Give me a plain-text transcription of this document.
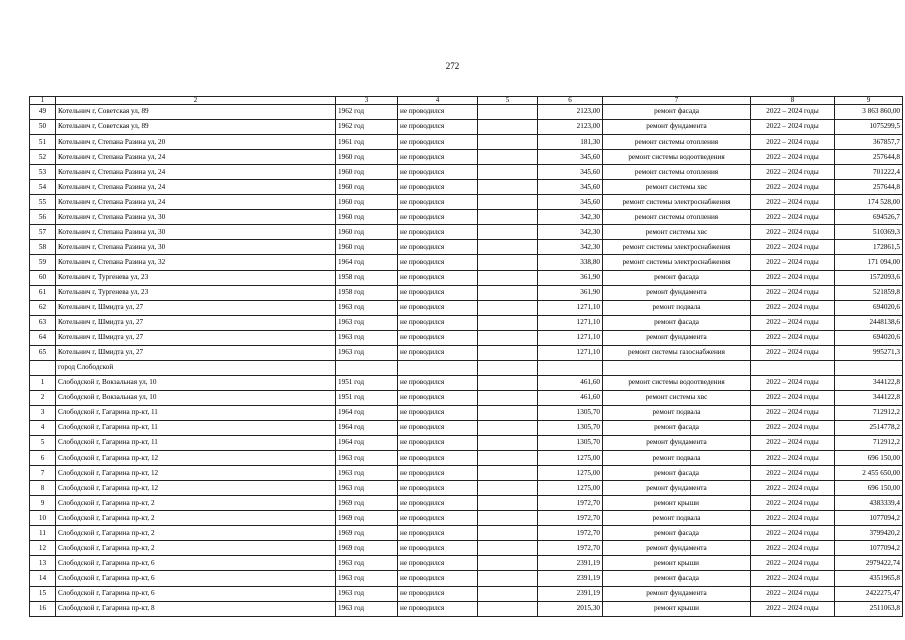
272
1	2	3	4	5	6	7	8	9
49	Котельнич г, Советская ул, 89	1962 год	не проводился		2123,00	ремонт фасада	2022 – 2024 годы	3 863 860,00
50	Котельнич г, Советская ул, 89	1962 год	не проводился		2123,00	ремонт фундамента	2022 – 2024 годы	1075299,5
51	Котельнич г, Степана Разина ул, 20	1961 год	не проводился		181,30	ремонт системы отопления	2022 – 2024 годы	367857,7
52	Котельнич г, Степана Разина ул, 24	1960 год	не проводился		345,60	ремонт системы водоотведения	2022 – 2024 годы	257644,8
53	Котельнич г, Степана Разина ул, 24	1960 год	не проводился		345,60	ремонт системы отопления	2022 – 2024 годы	701222,4
54	Котельнич г, Степана Разина ул, 24	1960 год	не проводился		345,60	ремонт системы хвс	2022 – 2024 годы	257644,8
55	Котельнич г, Степана Разина ул, 24	1960 год	не проводился		345,60	ремонт системы электроснабжения	2022 – 2024 годы	174 528,00
56	Котельнич г, Степана Разина ул, 30	1960 год	не проводился		342,30	ремонт системы отопления	2022 – 2024 годы	694526,7
57	Котельнич г, Степана Разина ул, 30	1960 год	не проводился		342,30	ремонт системы хвс	2022 – 2024 годы	510369,3
58	Котельнич г, Степана Разина ул, 30	1960 год	не проводился		342,30	ремонт системы электроснабжения	2022 – 2024 годы	172861,5
59	Котельнич г, Степана Разина ул, 32	1964 год	не проводился		338,80	ремонт системы электроснабжения	2022 – 2024 годы	171 094,00
60	Котельнич г, Тургенева ул, 23	1958 год	не проводился		361,90	ремонт фасада	2022 – 2024 годы	1572093,6
61	Котельнич г, Тургенева ул, 23	1958 год	не проводился		361,90	ремонт фундамента	2022 – 2024 годы	521859,8
62	Котельнич г, Шмидта ул, 27	1963 год	не проводился		1271,10	ремонт подвала	2022 – 2024 годы	694020,6
63	Котельнич г, Шмидта ул, 27	1963 год	не проводился		1271,10	ремонт фасада	2022 – 2024 годы	2448138,6
64	Котельнич г, Шмидта ул, 27	1963 год	не проводился		1271,10	ремонт фундамента	2022 – 2024 годы	694020,6
65	Котельнич г, Шмидта ул, 27	1963 год	не проводился		1271,10	ремонт системы газоснабжения	2022 – 2024 годы	995271,3
	город Слободской							
1	Слободской г, Вокзальная ул, 10	1951 год	не проводился		461,60	ремонт системы водоотведения	2022 – 2024 годы	344122,8
2	Слободской г, Вокзальная ул, 10	1951 год	не проводился		461,60	ремонт системы хвс	2022 – 2024 годы	344122,8
3	Слободской г, Гагарина пр-кт, 11	1964 год	не проводился		1305,70	ремонт подвала	2022 – 2024 годы	712912,2
4	Слободской г, Гагарина пр-кт, 11	1964 год	не проводился		1305,70	ремонт фасада	2022 – 2024 годы	2514778,2
5	Слободской г, Гагарина пр-кт, 11	1964 год	не проводился		1305,70	ремонт фундамента	2022 – 2024 годы	712912,2
6	Слободской г, Гагарина пр-кт, 12	1963 год	не проводился		1275,00	ремонт подвала	2022 – 2024 годы	696 150,00
7	Слободской г, Гагарина пр-кт, 12	1963 год	не проводился		1275,00	ремонт фасада	2022 – 2024 годы	2 455 650,00
8	Слободской г, Гагарина пр-кт, 12	1963 год	не проводился		1275,00	ремонт фундамента	2022 – 2024 годы	696 150,00
9	Слободской г, Гагарина пр-кт, 2	1969 год	не проводился		1972,70	ремонт крыши	2022 – 2024 годы	4383339,4
10	Слободской г, Гагарина пр-кт, 2	1969 год	не проводился		1972,70	ремонт подвала	2022 – 2024 годы	1077094,2
11	Слободской г, Гагарина пр-кт, 2	1969 год	не проводился		1972,70	ремонт фасада	2022 – 2024 годы	3799420,2
12	Слободской г, Гагарина пр-кт, 2	1969 год	не проводился		1972,70	ремонт фундамента	2022 – 2024 годы	1077094,2
13	Слободской г, Гагарина пр-кт, 6	1963 год	не проводился		2391,19	ремонт крыши	2022 – 2024 годы	2979422,74
14	Слободской г, Гагарина пр-кт, 6	1963 год	не проводился		2391,19	ремонт фасада	2022 – 2024 годы	4351965,8
15	Слободской г, Гагарина пр-кт, 6	1963 год	не проводился		2391,19	ремонт фундамента	2022 – 2024 годы	2422275,47
16	Слободской г, Гагарина пр-кт, 8	1963 год	не проводился		2015,30	ремонт крыши	2022 – 2024 годы	2511063,8
